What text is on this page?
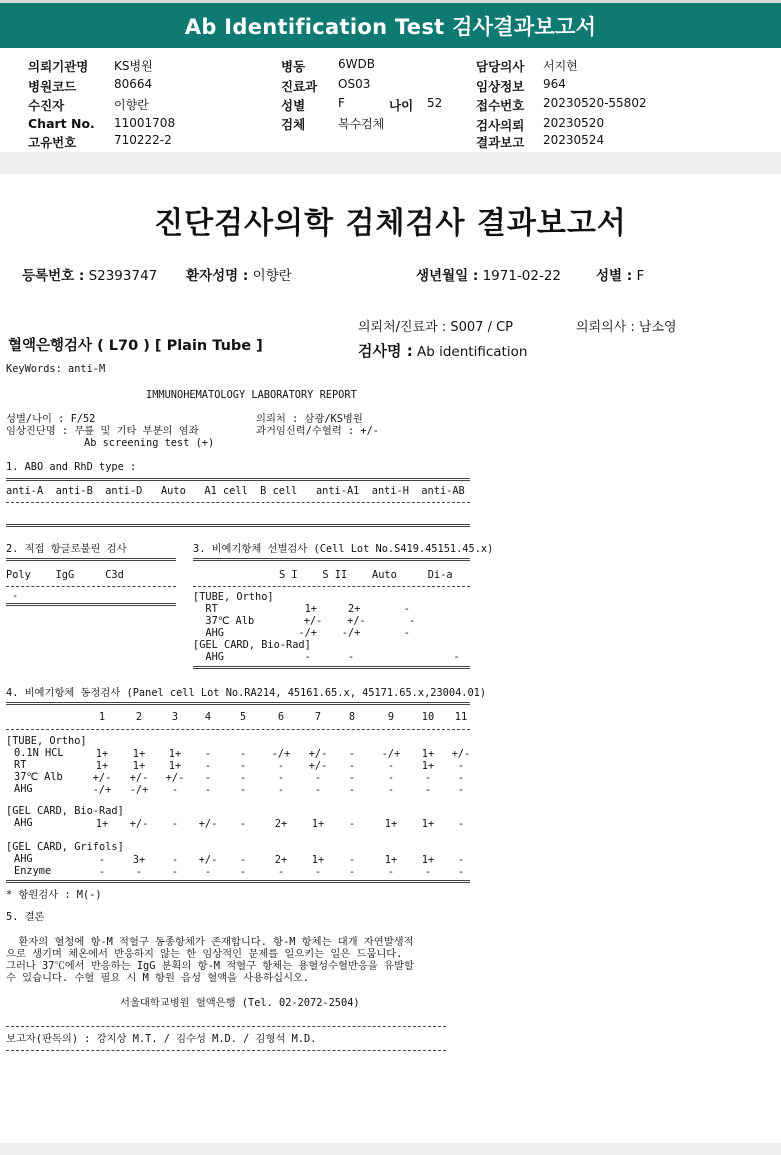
Ab Identification Test 검사결과보고서
의뢰기관명 KS병원
병원코드	80664
수진자	이향란
Chart No. 11001708
고유번호	710222-2
병동	6WDB
진료과 OS03
성별	F	나이 52
검체	복수검체
담당의사 서지현
임상정보 964
접수번호 20230520-55802
검사의뢰 20230520
결과보고 20230524
진단검사의학 검체검사 결과보고서
등록번호 : S2393747 환자성명 : 이향란	생년월일 : 1971-02-22	성별 : F
의뢰처/진료과 : S007 / CP	의뢰의사 : 남소영
혈액은행검사 ( L70 ) [ Plain Tube ]	검사명 : Ab identification
KeyWords: anti-M
IMMUNOHEMATOLOGY LABORATORY REPORT
성별/나이 : F/52	의뢰처 : 삼광/KS병원
임상진단명 : 무릎 및 기타 부분의 염좌	과거임신력/수혈력 : +/-
Ab screening test (+)
1. ABO and RhD type :
anti-A  anti-B  anti-D   Auto   A1 cell  B cell   anti-A1  anti-H  anti-AB
2. 직접 항글로불린 검사
Poly    IgG     C3d
-
3. 비예기항체 선별검사 (Cell Lot No.S419.45151.45.x)
S I    S II    Auto     Di-a
[TUBE, Ortho]
RT              1+     2+       -
37℃ Alb        +/-    +/-       -
AHG            -/+    -/+       -
[GEL CARD, Bio-Rad]
AHG             -      -                -
4. 비예기항체 동정검사 (Panel cell Lot No.RA214, 45161.65.x, 45171.65.x,23004.01)
1	2	3	4	5	6	7	8	9	10	11
[TUBE, Ortho]
0.1N HCL	1+	1+	1+	-	-	-/+	+/-	-	-/+	1+	+/-
RT	1+	1+	1+	-	-	-	+/-	-	-	1+	-
37℃ Alb	+/-	+/-	+/-	-	-	-	-	-	-	-	-
AHG	-/+	-/+	-	-	-	-	-	-	-	-	-
[GEL CARD, Bio-Rad]
AHG	1+	+/-	-	+/-	-	2+	1+	-	1+	1+	-
[GEL CARD, Grifols]
AHG	-	3+	-	+/-	-	2+	1+	-	1+	1+	-
Enzyme	-	-	-	-	-	-	-	-	-	-	-
* 항원검사 : M(-)
5. 결론
환자의 혈청에 항-M 적혈구 동종항체가 존재합니다. 항-M 항체는 대개 자연발생적
으로 생기며 체온에서 반응하지 않는 한 임상적인 문제를 일으키는 일은 드뭅니다.
그러나 37℃에서 반응하는 IgG 분획의 항-M 적혈구 항체는 용혈성수혈반응을 유발할
수 있습니다. 수혈 필요 시 M 항원 음성 혈액을 사용하십시오.
서울대학교병원 혈액은행 (Tel. 02-2072-2504)
보고자(판독의) : 강지상 M.T. / 김수성 M.D. / 김형석 M.D.
